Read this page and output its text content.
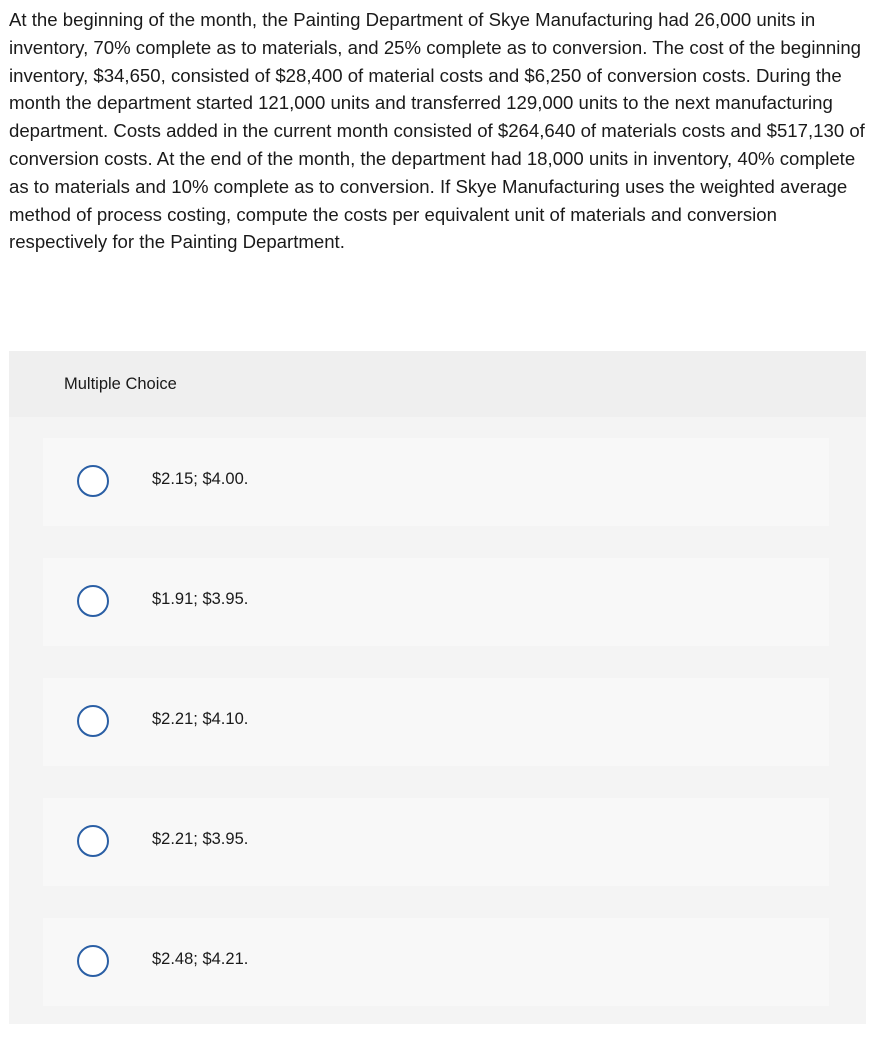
At the beginning of the month, the Painting Department of Skye Manufacturing had 26,000 units in inventory, 70% complete as to materials, and 25% complete as to conversion. The cost of the beginning inventory, $34,650, consisted of $28,400 of material costs and $6,250 of conversion costs. During the month the department started 121,000 units and transferred 129,000 units to the next manufacturing department. Costs added in the current month consisted of $264,640 of materials costs and $517,130 of conversion costs. At the end of the month, the department had 18,000 units in inventory, 40% complete as to materials and 10% complete as to conversion. If Skye Manufacturing uses the weighted average method of process costing, compute the costs per equivalent unit of materials and conversion respectively for the Painting Department.

Multiple Choice
$2.15; $4.00.
$1.91; $3.95.
$2.21; $4.10.
$2.21; $3.95.
$2.48; $4.21.
